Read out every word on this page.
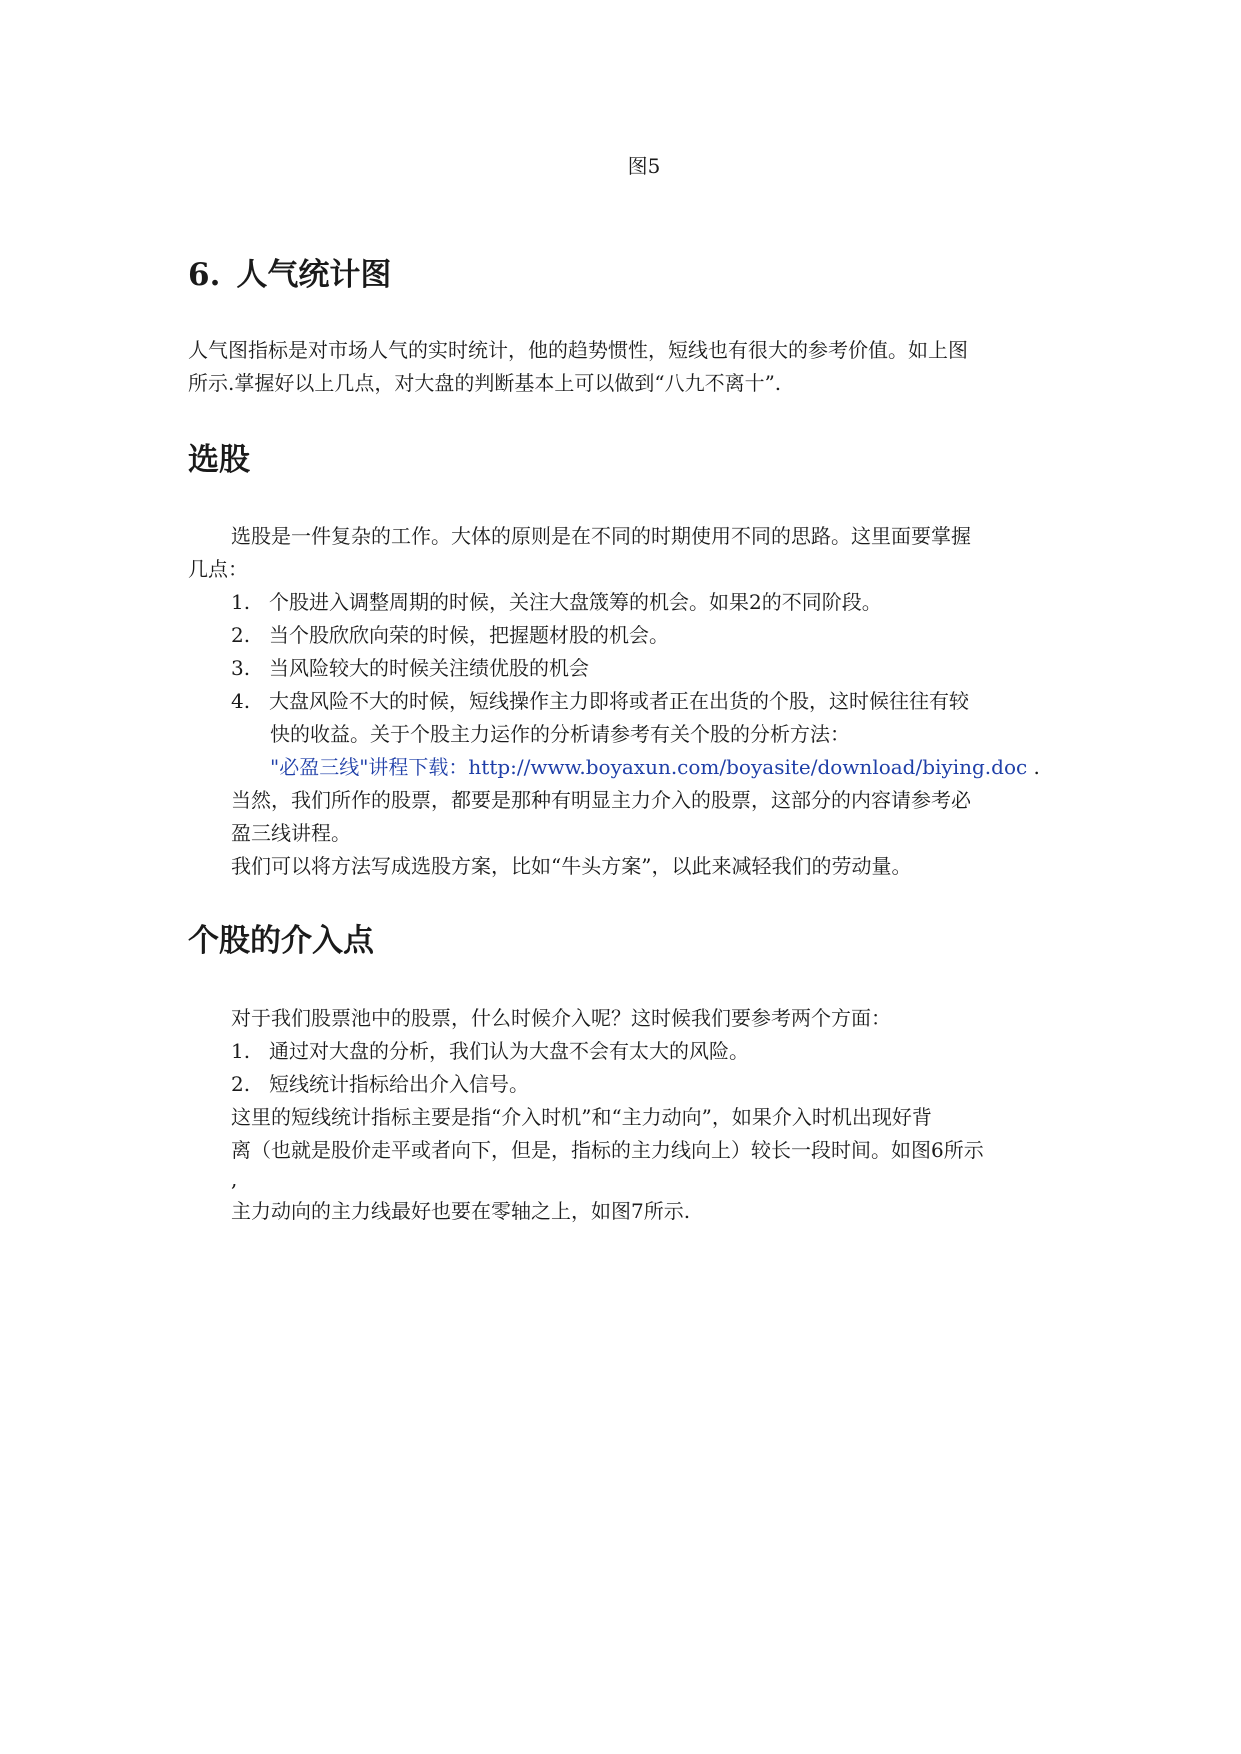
图5
6. 人气统计图
人气图指标是对市场人气的实时统计，他的趋势惯性，短线也有很大的参考价值。如上图
所示.掌握好以上几点，对大盘的判断基本上可以做到“八九不离十”.
选股
选股是一件复杂的工作。大体的原则是在不同的时期使用不同的思路。这里面要掌握
几点：
1. 个股进入调整周期的时候，关注大盘筬筹的机会。如果2的不同阶段。
2. 当个股欣欣向荣的时候，把握题材股的机会。
3. 当风险较大的时候关注绩优股的机会
4. 大盘风险不大的时候，短线操作主力即将或者正在出货的个股，这时候往往有较
快的收益。关于个股主力运作的分析请参考有关个股的分析方法：
"必盈三线"讲程下载：http://www.boyaxun.com/boyasite/download/biying.doc .
当然，我们所作的股票，都要是那种有明显主力介入的股票，这部分的内容请参考必
盈三线讲程。
我们可以将方法写成选股方案，比如“牛头方案”，以此来减轻我们的劳动量。
个股的介入点
对于我们股票池中的股票，什么时候介入呢？这时候我们要参考两个方面：
1. 通过对大盘的分析，我们认为大盘不会有太大的风险。
2. 短线统计指标给出介入信号。
这里的短线统计指标主要是指“介入时机”和“主力动向”，如果介入时机出现好背
离（也就是股价走平或者向下，但是，指标的主力线向上）较长一段时间。如图6所示
,
主力动向的主力线最好也要在零轴之上，如图7所示.
